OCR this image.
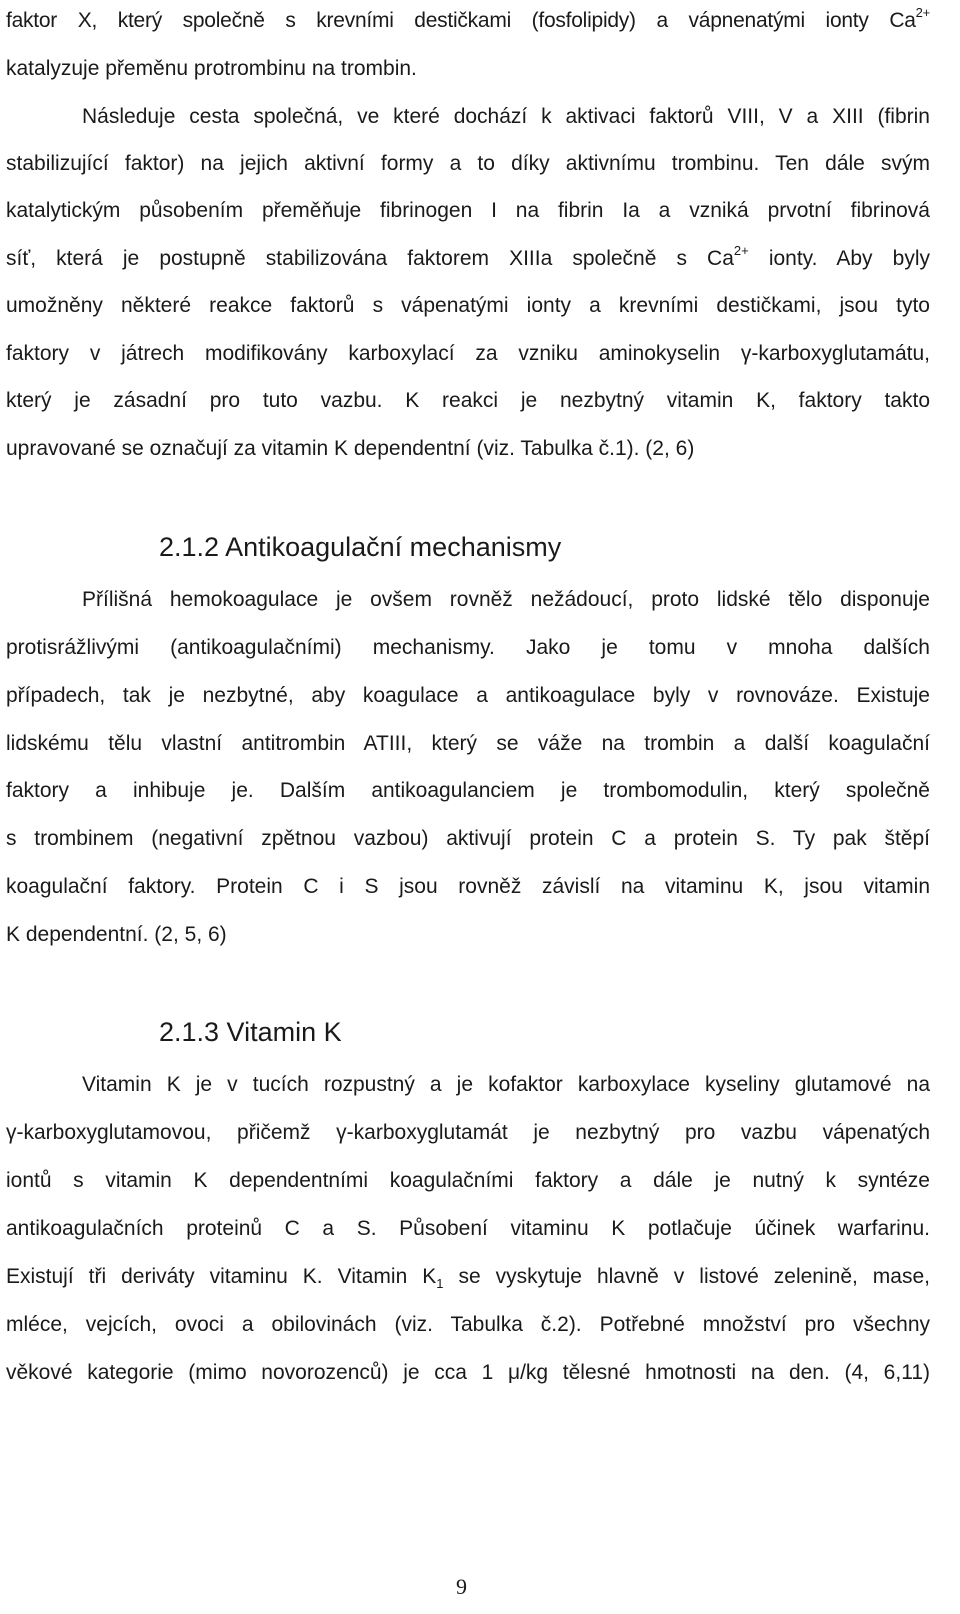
faktor X, který společně s krevními destičkami (fosfolipidy) a vápnenatými ionty $Ca^{2+}$
katalyzuje přeměnu protrombinu na trombin.
Následuje cesta společná, ve které dochází k aktivaci faktorů VIII, V a XIII (fibrin
stabilizující faktor) na jejich aktivní formy a to díky aktivnímu trombinu. Ten dále svým
katalytickým působením přeměňuje fibrinogen I na fibrin Ia a vzniká prvotní fibrinová
síť, která je postupně stabilizována faktorem XIIIa společně s $Ca^{2+}$ ionty. Aby byly
umožněny některé reakce faktorů s vápenatými ionty a krevními destičkami, jsou tyto
faktory v játrech modifikovány karboxylací za vzniku aminokyselin γ-karboxyglutamátu,
který je zásadní pro tuto vazbu. K reakci je nezbytný vitamin K, faktory takto
upravované se označují za vitamin K dependentní (viz. Tabulka č.1). (2, 6)
2.1.2 Antikoagulační mechanismy
Přílišná hemokoagulace je ovšem rovněž nežádoucí, proto lidské tělo disponuje
protisrážlivými (antikoagulačními) mechanismy. Jako je tomu v mnoha dalších
případech, tak je nezbytné, aby koagulace a antikoagulace byly v rovnováze. Existuje
lidskému tělu vlastní antitrombin ATIII, který se váže na trombin a další koagulační
faktory a inhibuje je. Dalším antikoagulanciem je trombomodulin, který společně
s trombinem (negativní zpětnou vazbou) aktivují protein C a protein S. Ty pak štěpí
koagulační faktory. Protein C i S jsou rovněž závislí na vitaminu K, jsou vitamin
K dependentní. (2, 5, 6)
2.1.3 Vitamin K
Vitamin K je v tucích rozpustný a je kofaktor karboxylace kyseliny glutamové na
γ-karboxyglutamovou, přičemž γ-karboxyglutamát je nezbytný pro vazbu vápenatých
iontů s vitamin K dependentními koagulačními faktory a dále je nutný k syntéze
antikoagulačních proteinů C a S. Působení vitaminu K potlačuje účinek warfarinu.
Existují tři deriváty vitaminu K. Vitamin $K_1$ se vyskytuje hlavně v listové zelenině, mase,
mléce, vejcích, ovoci a obilovinách (viz. Tabulka č.2). Potřebné množství pro všechny
věkové kategorie (mimo novorozenců) je cca 1 μ/kg tělesné hmotnosti na den. (4, 6,11)
9
